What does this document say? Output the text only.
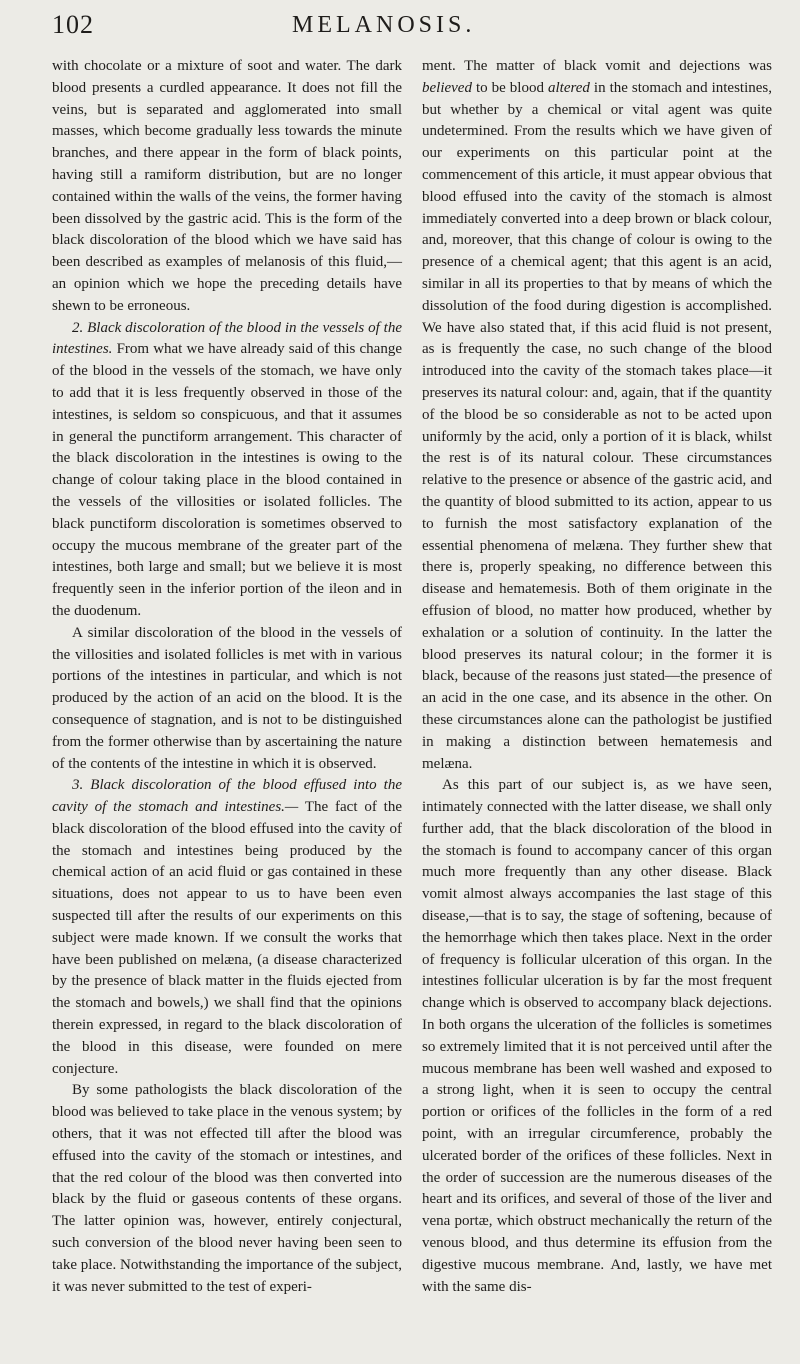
102	MELANOSIS.

with chocolate or a mixture of soot and water. The dark blood presents a curdled appearance. It does not fill the veins, but is separated and agglomerated into small masses, which become gradually less towards the minute branches, and there appear in the form of black points, having still a ramiform distribution, but are no longer contained within the walls of the veins, the former having been dissolved by the gastric acid. This is the form of the black discoloration of the blood which we have said has been described as examples of melanosis of this fluid,—an opinion which we hope the preceding details have shewn to be erroneous.

2. Black discoloration of the blood in the vessels of the intestines. From what we have already said of this change of the blood in the vessels of the stomach, we have only to add that it is less frequently observed in those of the intestines, is seldom so conspicuous, and that it assumes in general the punctiform arrangement. This character of the black discoloration in the intestines is owing to the change of colour taking place in the blood contained in the vessels of the villosities or isolated follicles. The black punctiform discoloration is sometimes observed to occupy the mucous membrane of the greater part of the intestines, both large and small; but we believe it is most frequently seen in the inferior portion of the ileon and in the duodenum.

A similar discoloration of the blood in the vessels of the villosities and isolated follicles is met with in various portions of the intestines in particular, and which is not produced by the action of an acid on the blood. It is the consequence of stagnation, and is not to be distinguished from the former otherwise than by ascertaining the nature of the contents of the intestine in which it is observed.

3. Black discoloration of the blood effused into the cavity of the stomach and intestines.— The fact of the black discoloration of the blood effused into the cavity of the stomach and intestines being produced by the chemical action of an acid fluid or gas contained in these situations, does not appear to us to have been even suspected till after the results of our experiments on this subject were made known. If we consult the works that have been published on melæna, (a disease characterized by the presence of black matter in the fluids ejected from the stomach and bowels,) we shall find that the opinions therein expressed, in regard to the black discoloration of the blood in this disease, were founded on mere conjecture.

By some pathologists the black discoloration of the blood was believed to take place in the venous system; by others, that it was not effected till after the blood was effused into the cavity of the stomach or intestines, and that the red colour of the blood was then converted into black by the fluid or gaseous contents of these organs. The latter opinion was, however, entirely conjectural, such conversion of the blood never having been seen to take place. Notwithstanding the importance of the subject, it was never submitted to the test of experi-

ment. The matter of black vomit and dejections was believed to be blood altered in the stomach and intestines, but whether by a chemical or vital agent was quite undetermined. From the results which we have given of our experiments on this particular point at the commencement of this article, it must appear obvious that blood effused into the cavity of the stomach is almost immediately converted into a deep brown or black colour, and, moreover, that this change of colour is owing to the presence of a chemical agent; that this agent is an acid, similar in all its properties to that by means of which the dissolution of the food during digestion is accomplished. We have also stated that, if this acid fluid is not present, as is frequently the case, no such change of the blood introduced into the cavity of the stomach takes place—it preserves its natural colour: and, again, that if the quantity of the blood be so considerable as not to be acted upon uniformly by the acid, only a portion of it is black, whilst the rest is of its natural colour. These circumstances relative to the presence or absence of the gastric acid, and the quantity of blood submitted to its action, appear to us to furnish the most satisfactory explanation of the essential phenomena of melæna. They further shew that there is, properly speaking, no difference between this disease and hematemesis. Both of them originate in the effusion of blood, no matter how produced, whether by exhalation or a solution of continuity. In the latter the blood preserves its natural colour; in the former it is black, because of the reasons just stated—the presence of an acid in the one case, and its absence in the other. On these circumstances alone can the pathologist be justified in making a distinction between hematemesis and melæna.

As this part of our subject is, as we have seen, intimately connected with the latter disease, we shall only further add, that the black discoloration of the blood in the stomach is found to accompany cancer of this organ much more frequently than any other disease. Black vomit almost always accompanies the last stage of this disease,—that is to say, the stage of softening, because of the hemorrhage which then takes place. Next in the order of frequency is follicular ulceration of this organ. In the intestines follicular ulceration is by far the most frequent change which is observed to accompany black dejections. In both organs the ulceration of the follicles is sometimes so extremely limited that it is not perceived until after the mucous membrane has been well washed and exposed to a strong light, when it is seen to occupy the central portion or orifices of the follicles in the form of a red point, with an irregular circumference, probably the ulcerated border of the orifices of these follicles. Next in the order of succession are the numerous diseases of the heart and its orifices, and several of those of the liver and vena portæ, which obstruct mechanically the return of the venous blood, and thus determine its effusion from the digestive mucous membrane. And, lastly, we have met with the same dis-
